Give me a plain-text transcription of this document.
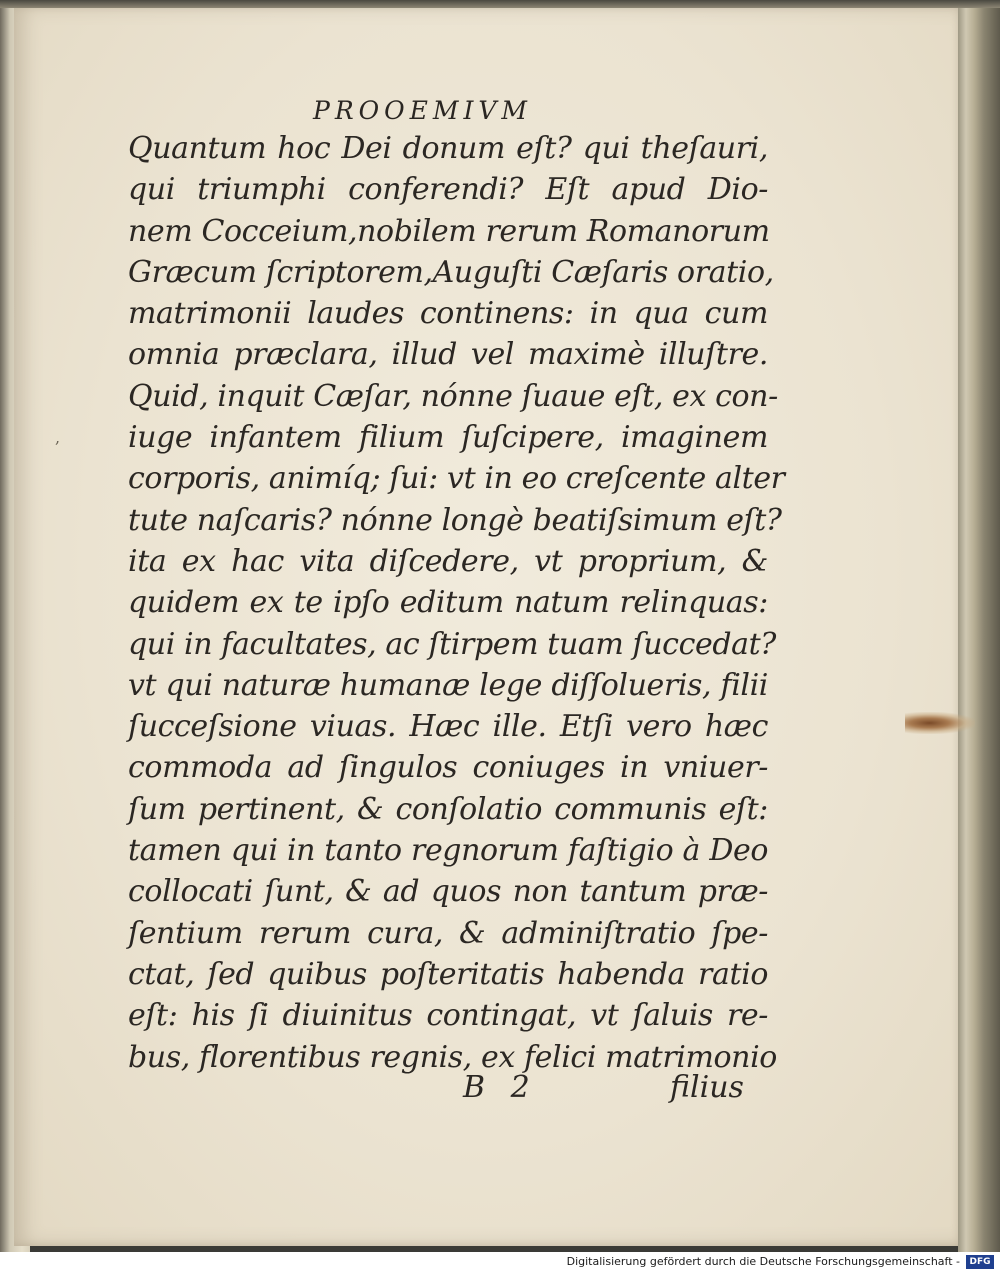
,
PROOEMIVM
Quantum hoc Dei donum eſt? qui theſauri,
qui triumphi conferendi? Eſt apud Dio-
nem Cocceium,nobilem rerum Romanorum
Græcum ſcriptorem,Auguſti Cæſaris oratio,
matrimonii laudes continens: in qua cum
omnia præclara, illud vel maximè illuſtre.
Quid, inquit Cæſar, nónne ſuaue eſt, ex con-
iuge infantem filium ſuſcipere, imaginem
corporis, animíq; ſui: vt in eo creſcente alter
tute naſcaris? nónne longè beatiſsimum eſt?
ita ex hac vita diſcedere, vt proprium, &
quidem ex te ipſo editum natum relinquas:
qui in facultates, ac ſtirpem tuam ſuccedat?
vt qui naturæ humanæ lege diſſolueris, filii
ſucceſsione viuas. Hæc ille. Etſi vero hæc
commoda ad ſingulos coniuges in vniuer-
ſum pertinent, & conſolatio communis eſt:
tamen qui in tanto regnorum faſtigio à Deo
collocati ſunt, & ad quos non tantum præ-
ſentium rerum cura, & adminiſtratio ſpe-
ctat, ſed quibus poſteritatis habenda ratio
eſt: his ſi diuinitus contingat, vt ſaluis re-
bus, florentibus regnis, ex felici matrimonio
B 2	filius
Digitalisierung gefördert durch die Deutsche Forschungsgemeinschaft -	DFG
